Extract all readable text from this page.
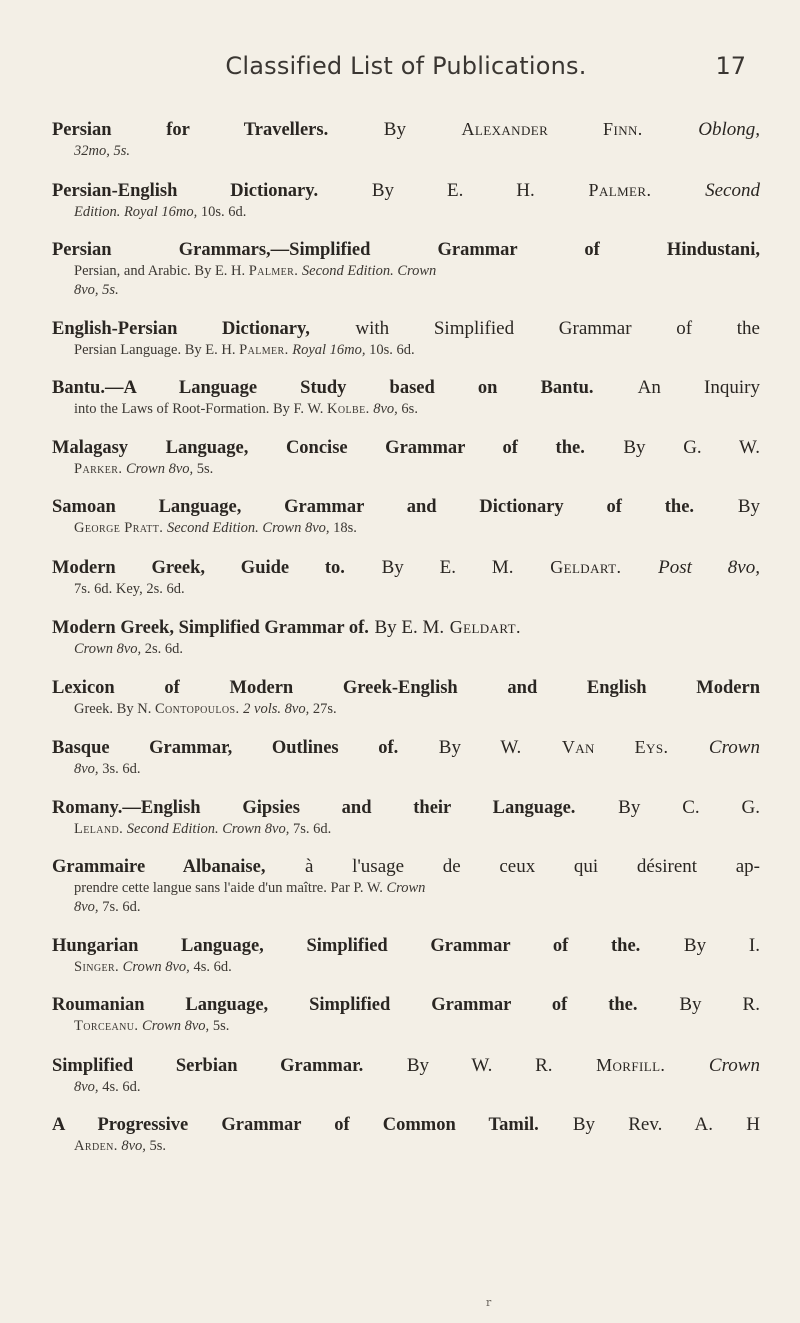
Classified List of Publications.	17
Persian for Travellers.	By	Alexander Finn.	Oblong,
32mo, 5s.
Persian-English Dictionary.	By E. H.	Palmer.	Second
Edition. Royal 16mo, 10s. 6d.
Persian Grammars,—Simplified Grammar of Hindustani,
Persian, and Arabic. By E. H. Palmer. Second Edition. Crown
8vo, 5s.
English-Persian Dictionary, with Simplified Grammar of the
Persian Language. By E. H. Palmer. Royal 16mo, 10s. 6d.
Bantu.—A Language Study based on Bantu. An Inquiry
into the Laws of Root-Formation. By F. W. Kolbe. 8vo, 6s.
Malagasy Language, Concise Grammar of the. By G. W.
Parker. Crown 8vo, 5s.
Samoan Language, Grammar and Dictionary of the. By
George Pratt. Second Edition. Crown 8vo, 18s.
Modern Greek, Guide to. By E. M. Geldart. Post 8vo,
7s. 6d. Key, 2s. 6d.
Modern Greek, Simplified Grammar of. By E. M. Geldart.
Crown 8vo, 2s. 6d.
Lexicon of Modern Greek-English and English Modern
Greek. By N. Contopoulos. 2 vols. 8vo, 27s.
Basque Grammar, Outlines of. By W. Van Eys. Crown
8vo, 3s. 6d.
Romany.—English Gipsies and their Language. By C. G.
Leland. Second Edition. Crown 8vo, 7s. 6d.
Grammaire Albanaise, à l'usage de ceux qui désirent ap-
prendre cette langue sans l'aide d'un maître. Par P. W. Crown
8vo, 7s. 6d.
Hungarian Language, Simplified Grammar of the. By I.
Singer. Crown 8vo, 4s. 6d.
Roumanian Language, Simplified Grammar of the. By R.
Torceanu. Crown 8vo, 5s.
Simplified Serbian Grammar. By W. R. Morfill. Crown
8vo, 4s. 6d.
A Progressive Grammar of Common Tamil. By Rev. A. H
Arden. 8vo, 5s.
r
